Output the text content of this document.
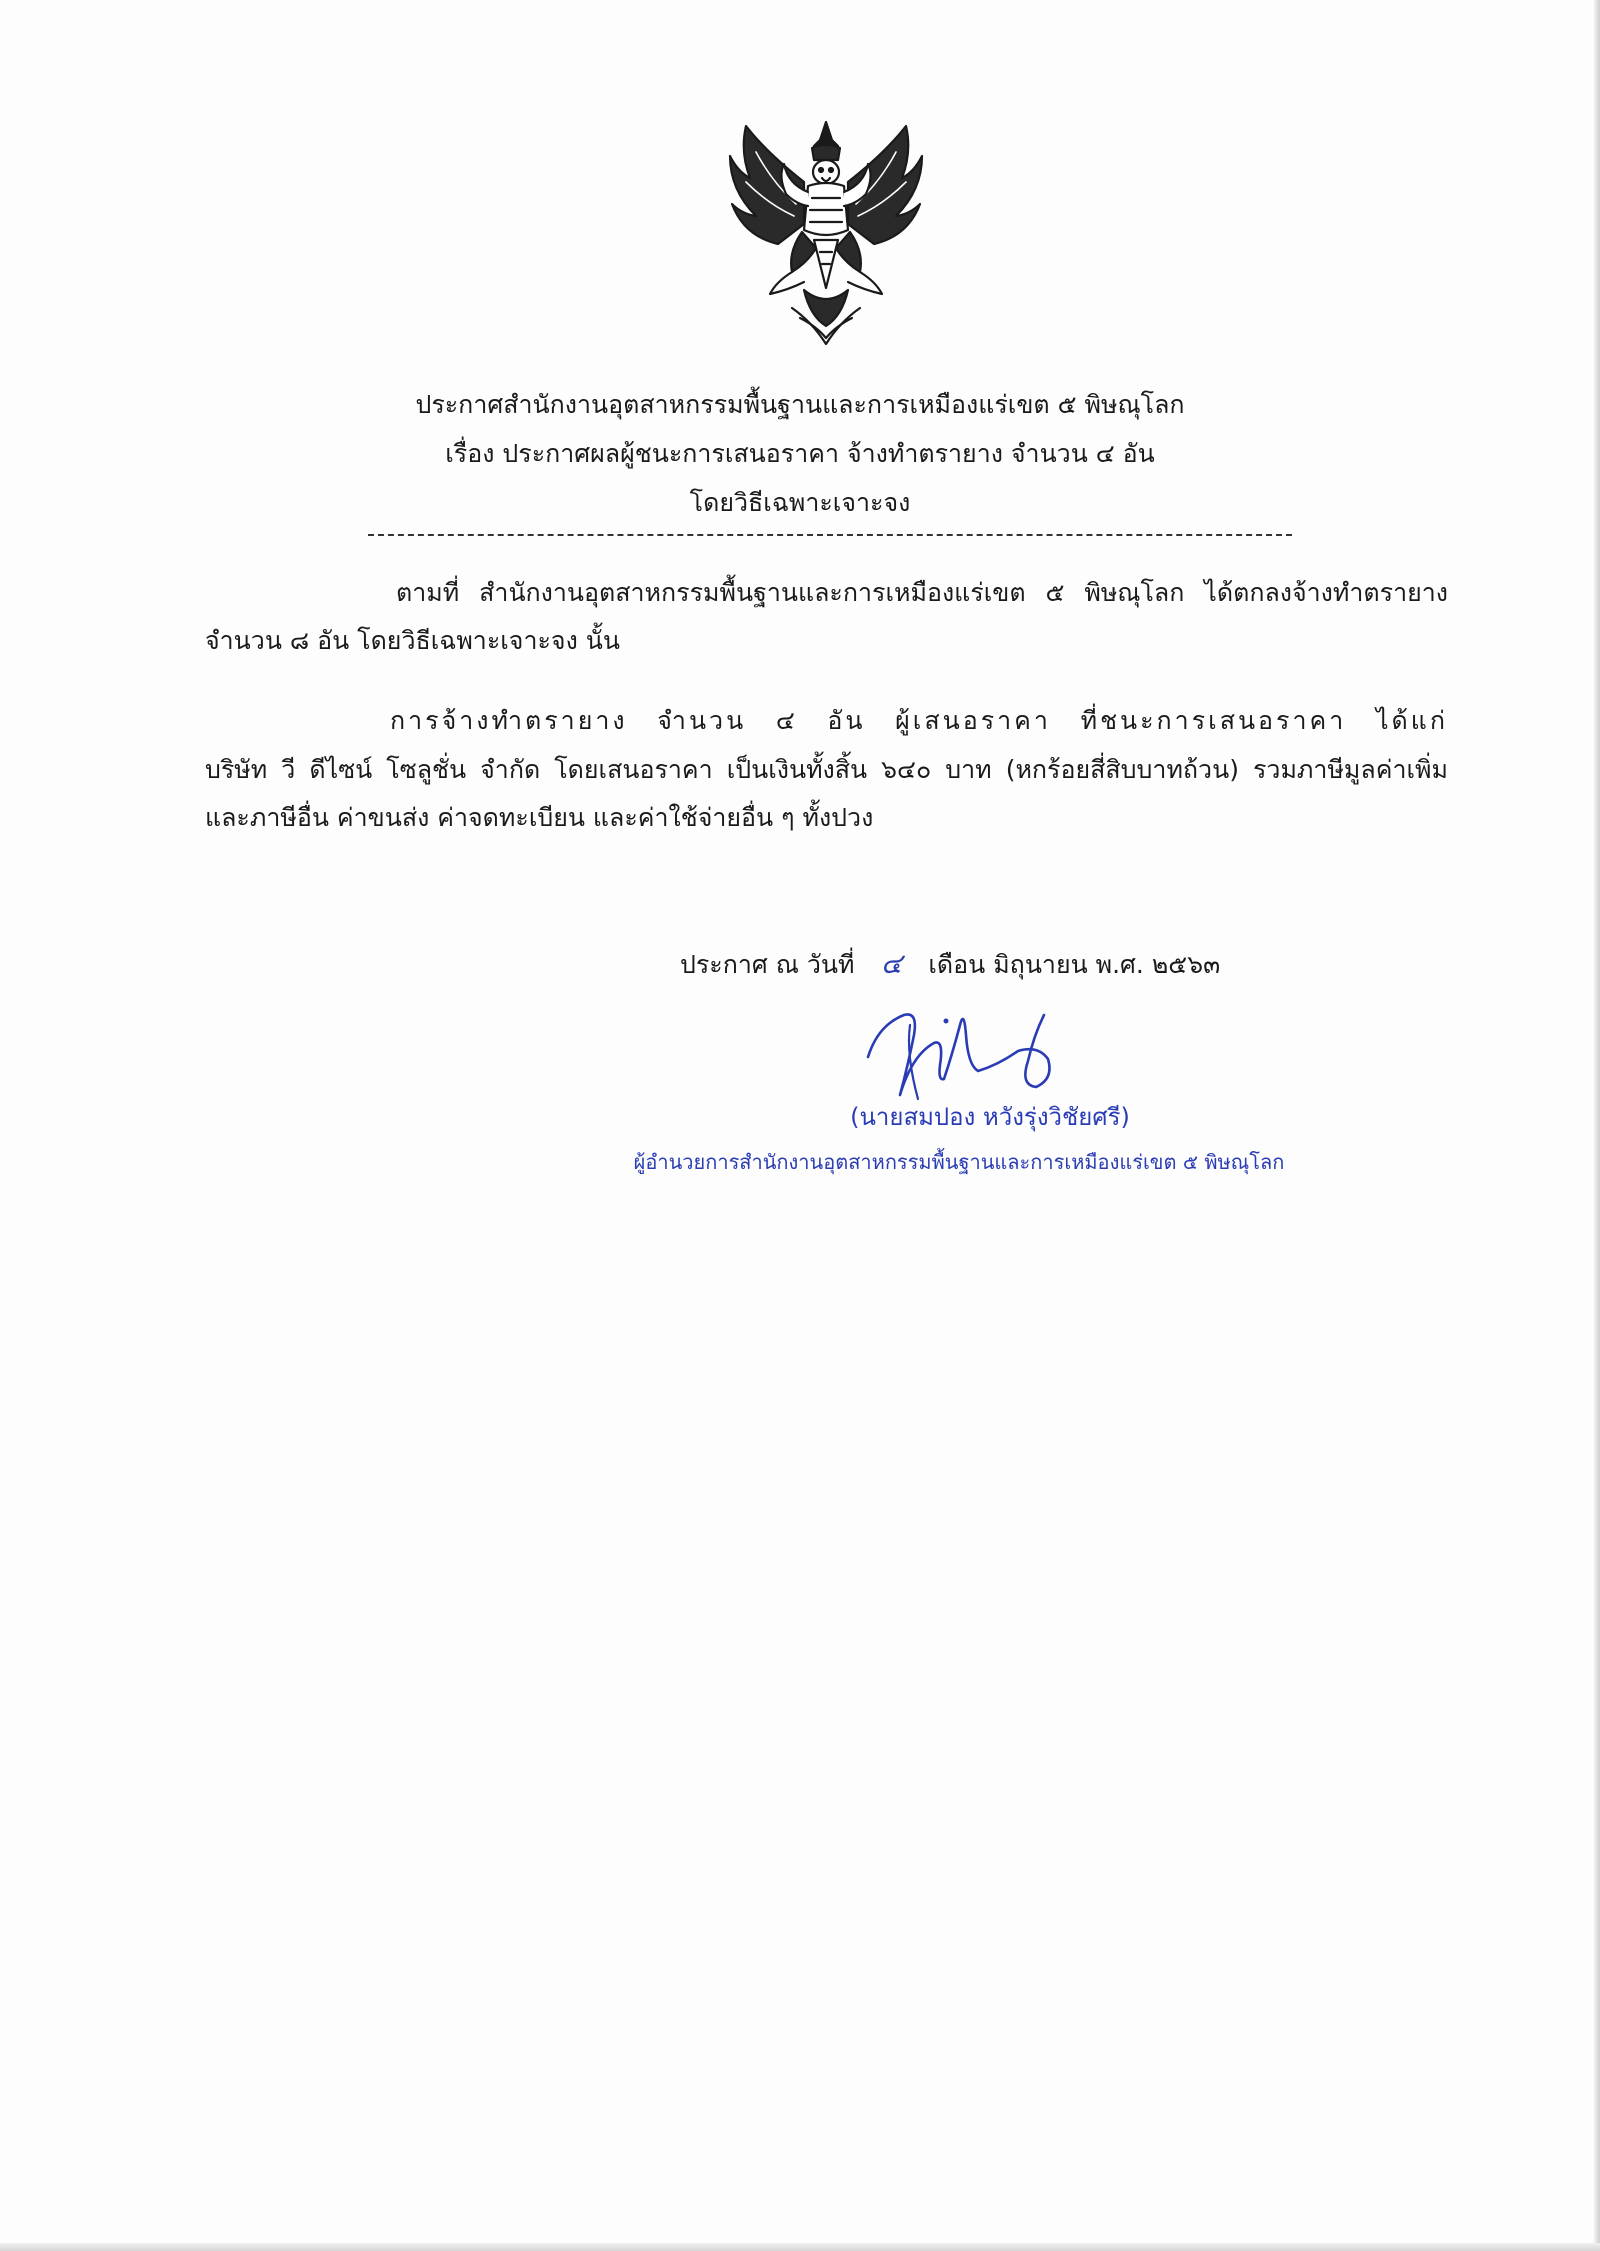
ประกาศสำนักงานอุตสาหกรรมพื้นฐานและการเหมืองแร่เขต ๕ พิษณุโลก
เรื่อง ประกาศผลผู้ชนะการเสนอราคา จ้างทำตรายาง จำนวน ๔ อัน
โดยวิธีเฉพาะเจาะจง
ตามที่ สำนักงานอุตสาหกรรมพื้นฐานและการเหมืองแร่เขต ๕ พิษณุโลก ได้ตกลงจ้างทำตรายาง
จำนวน ๘ อัน โดยวิธีเฉพาะเจาะจง นั้น
การจ้างทำตรายาง จำนวน ๔ อัน ผู้เสนอราคา ที่ชนะการเสนอราคา ได้แก่
บริษัท วี ดีไซน์ โซลูชั่น จำกัด โดยเสนอราคา เป็นเงินทั้งสิ้น ๖๔๐ บาท (หกร้อยสี่สิบบาทถ้วน) รวมภาษีมูลค่าเพิ่ม
และภาษีอื่น ค่าขนส่ง ค่าจดทะเบียน และค่าใช้จ่ายอื่น ๆ ทั้งปวง
ประกาศ ณ วันที่ ๔ เดือน มิถุนายน พ.ศ. ๒๕๖๓
(นายสมปอง หวังรุ่งวิชัยศรี)
ผู้อำนวยการสำนักงานอุตสาหกรรมพื้นฐานและการเหมืองแร่เขต ๕ พิษณุโลก
